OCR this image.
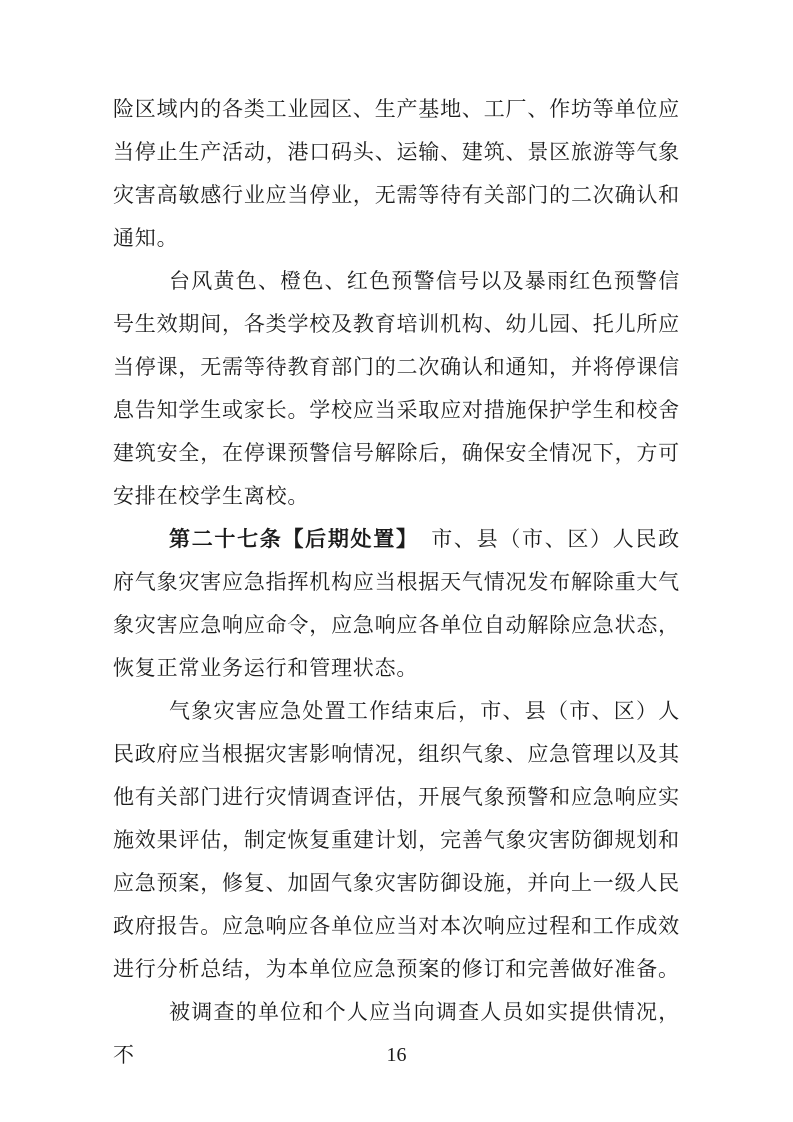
险区域内的各类工业园区、生产基地、工厂、作坊等单位应当停止生产活动，港口码头、运输、建筑、景区旅游等气象灾害高敏感行业应当停业，无需等待有关部门的二次确认和通知。

台风黄色、橙色、红色预警信号以及暴雨红色预警信号生效期间，各类学校及教育培训机构、幼儿园、托儿所应当停课，无需等待教育部门的二次确认和通知，并将停课信息告知学生或家长。学校应当采取应对措施保护学生和校舍建筑安全，在停课预警信号解除后，确保安全情况下，方可安排在校学生离校。

第二十七条【后期处置】 市、县（市、区）人民政府气象灾害应急指挥机构应当根据天气情况发布解除重大气象灾害应急响应命令，应急响应各单位自动解除应急状态，恢复正常业务运行和管理状态。

气象灾害应急处置工作结束后，市、县（市、区）人民政府应当根据灾害影响情况，组织气象、应急管理以及其他有关部门进行灾情调查评估，开展气象预警和应急响应实施效果评估，制定恢复重建计划，完善气象灾害防御规划和应急预案，修复、加固气象灾害防御设施，并向上一级人民政府报告。应急响应各单位应当对本次响应过程和工作成效进行分析总结，为本单位应急预案的修订和完善做好准备。

被调查的单位和个人应当向调查人员如实提供情况，不	16
